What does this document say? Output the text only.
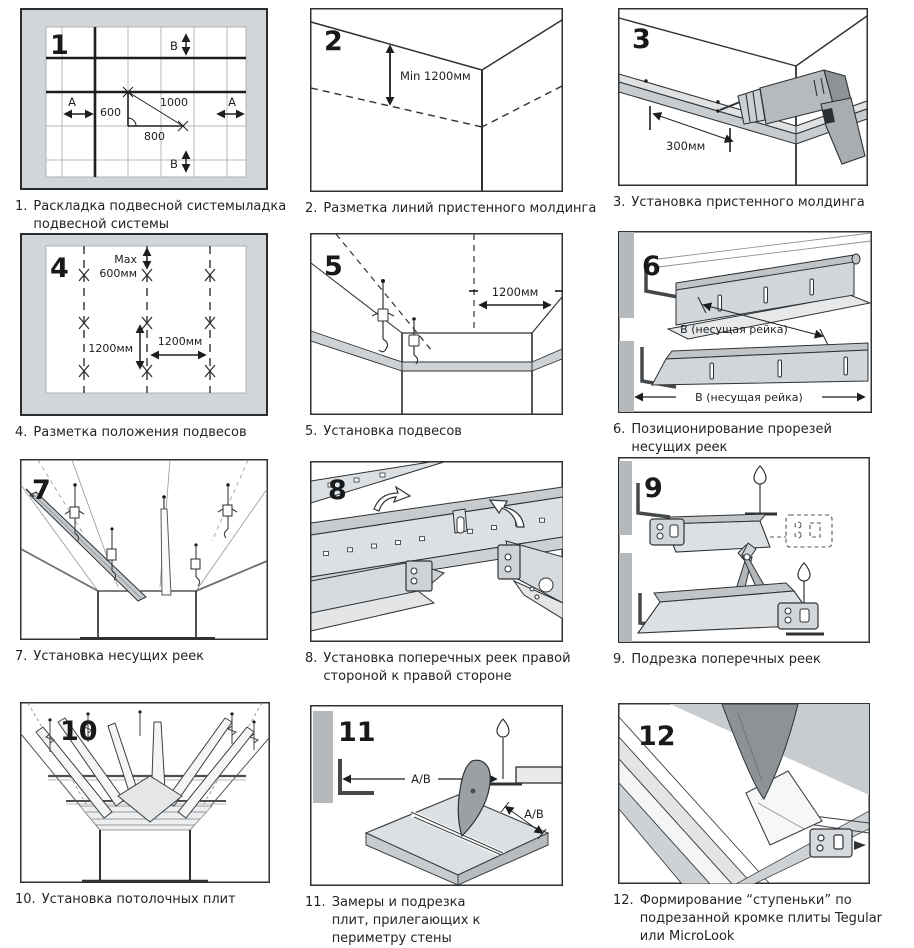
600
1000
800
B
B
A	A
1
1. Раскладка подвесной системыладка
подвесной системы
Min 1200мм
2
2. Разметка линий пристенного молдинга
300мм
3
3. Установка пристенного молдинга
Max
600мм
1200мм
1200мм
4
4. Разметка положения подвесов
1200мм
5
5. Установка подвесов
В (несущая рейка)
В (несущая рейка)
6
6. Позиционирование прорезей
несущих реек
7
7. Установка несущих реек
8
8. Установка поперечных реек правой
стороной к правой стороне
9
9. Подрезка поперечных реек
10
10. Установка потолочных плит
A/B
A/B
11
11. Замеры и подрезка
плит, прилегающих к
периметру стены
12
12. Формирование “ступеньки” по
подрезанной кромке плиты Tegular
или MicroLook
